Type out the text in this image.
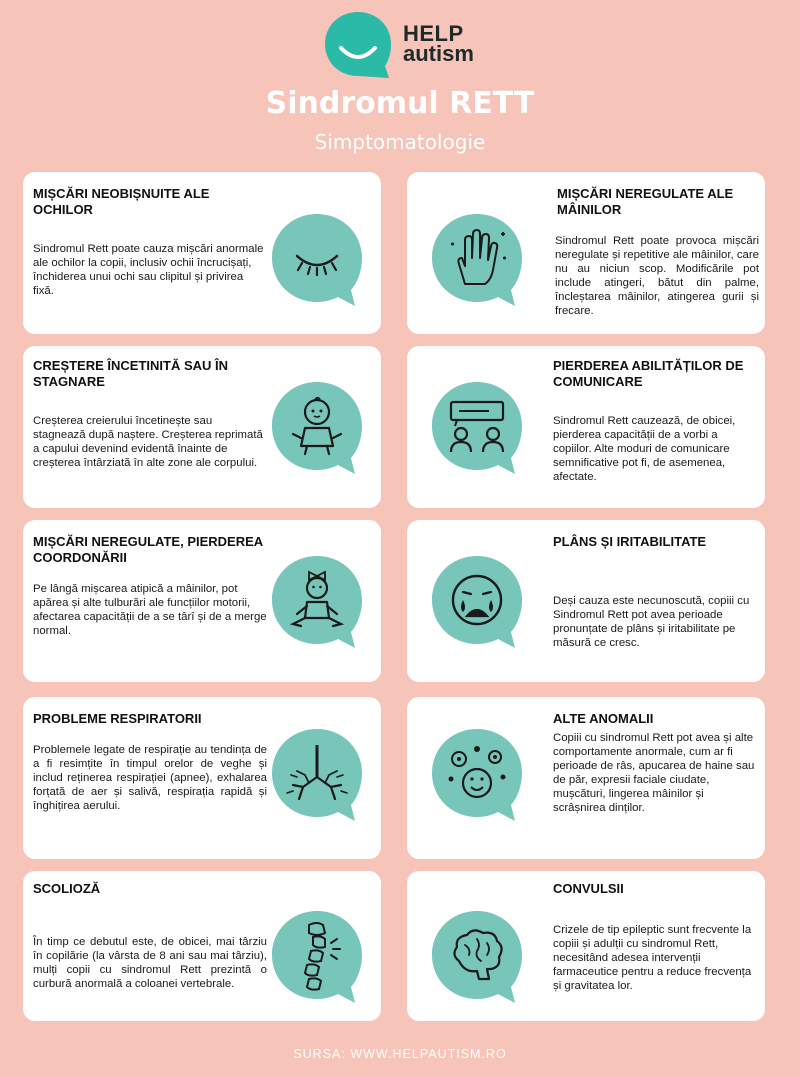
HELP
autism
Sindromul RETT
Simptomatologie
MIȘCĂRI NEOBIȘNUITE ALE OCHILOR
Sindromul Rett poate cauza mișcări anormale ale ochilor la copii, inclusiv ochii încrucișați, închiderea unui ochi sau clipitul și privirea fixă.
MIȘCĂRI NEREGULATE ALE MÂINILOR
Sindromul Rett poate provoca mișcări neregulate și repetitive ale mâinilor, care nu au niciun scop. Modificările pot include atingeri, bătut din palme, încleștarea mâinilor, atingerea gurii și frecare.
CREȘTERE ÎNCETINITĂ SAU ÎN STAGNARE
Creșterea creierului încetinește sau stagnează după naștere. Creșterea reprimată a capului devenind evidentă înainte de creșterea întârziată în alte zone ale corpului.
PIERDEREA ABILITĂȚILOR DE COMUNICARE
Sindromul Rett cauzează, de obicei, pierderea capacității de a vorbi a copiilor. Alte moduri de comunicare semnificative pot fi, de asemenea, afectate.
MIȘCĂRI NEREGULATE, PIERDEREA COORDONĂRII
Pe lângă mișcarea atipică a mâinilor, pot apărea și alte tulburări ale funcțiilor motorii, afectarea capacității de a se târî și de a merge normal.
PLÂNS ȘI IRITABILITATE
Deși cauza este necunoscută, copiii cu Sindromul Rett pot avea perioade pronunțate de plâns și iritabilitate pe măsură ce cresc.
PROBLEME RESPIRATORII
Problemele legate de respirație au tendința de a fi resimțite în timpul orelor de veghe și includ reținerea respirației (apnee), exhalarea forțată de aer și salivă, respirația rapidă și înghițirea aerului.
ALTE ANOMALII
Copiii cu sindromul Rett pot avea și alte comportamente anormale, cum ar fi perioade de râs, apucarea de haine sau de păr, expresii faciale ciudate, mușcături, lingerea mâinilor și scrâșnirea dinților.
SCOLIOZĂ
În timp ce debutul este, de obicei, mai târziu în copilărie (la vârsta de 8 ani sau mai târziu), mulți copii cu sindromul Rett prezintă o curbură anormală a coloanei vertebrale.
CONVULSII
Crizele de tip epileptic sunt frecvente la copiii și adulții cu sindromul Rett, necesitând adesea intervenții farmaceutice pentru a reduce frecvența și gravitatea lor.
SURSA: WWW.HELPAUTISM.RO
